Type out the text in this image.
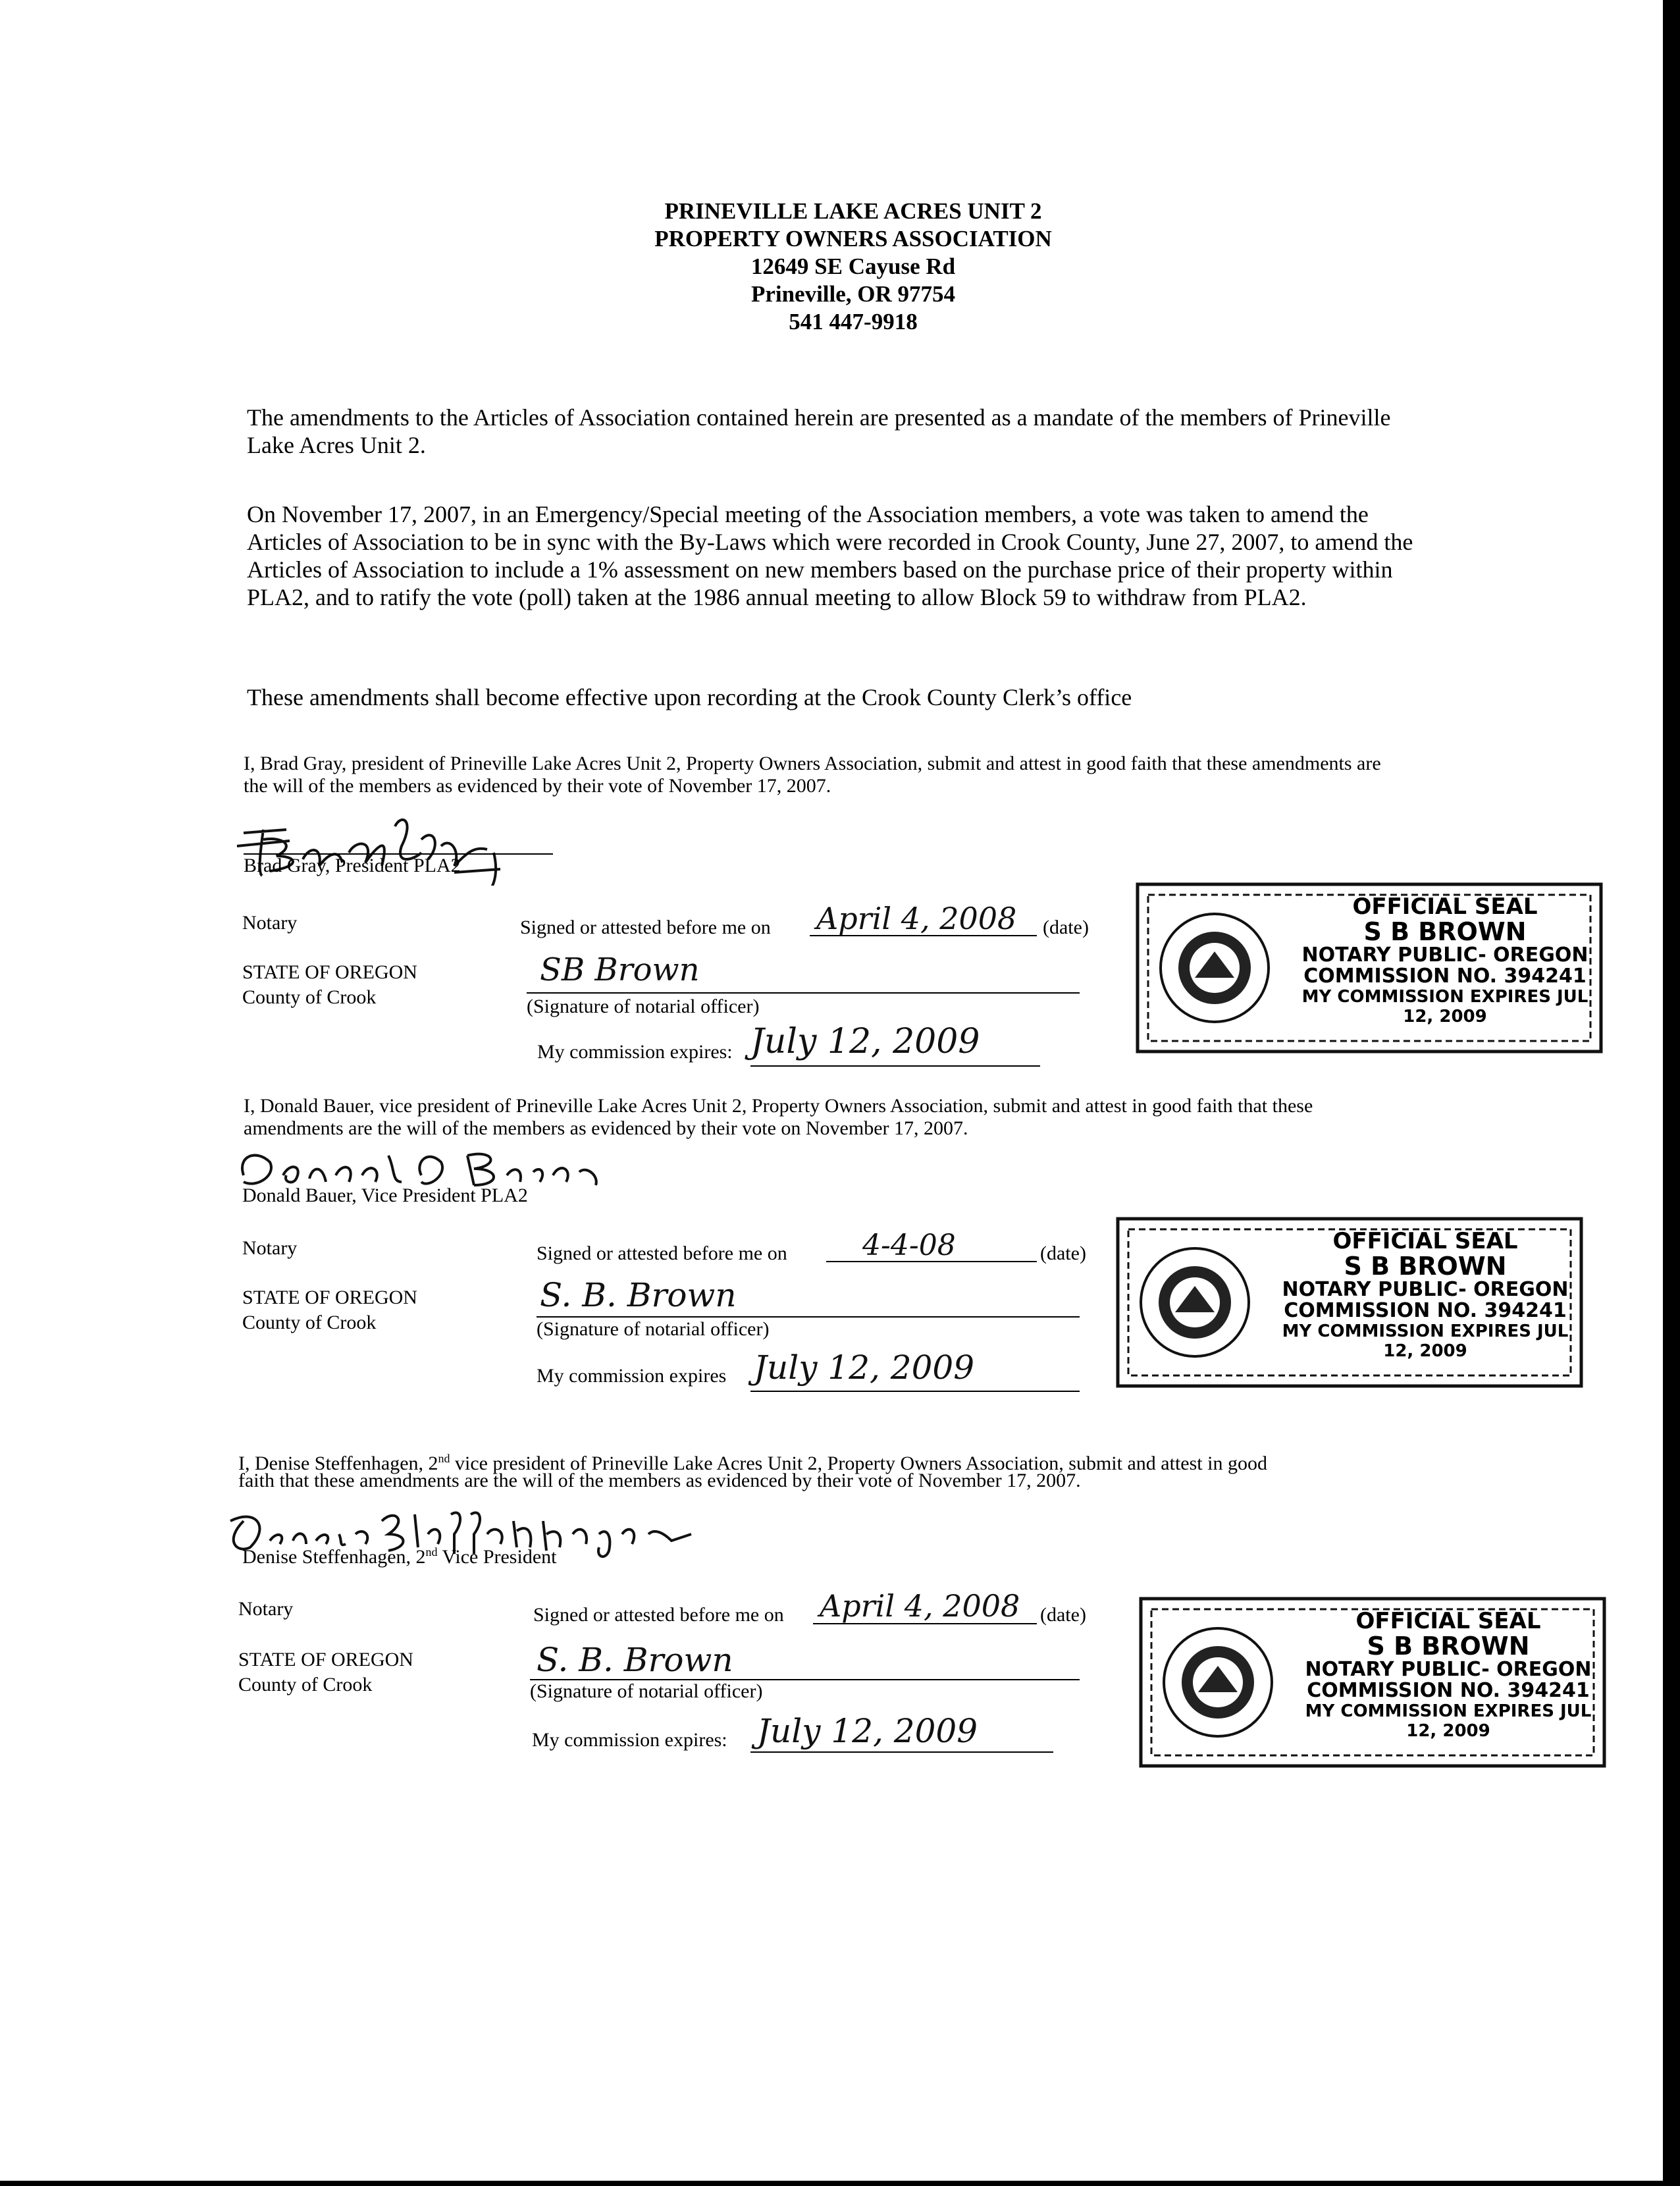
PRINEVILLE LAKE ACRES UNIT 2
PROPERTY OWNERS ASSOCIATION
12649 SE Cayuse Rd
Prineville, OR 97754
541 447-9918
The amendments to the Articles of Association contained herein are presented as a mandate of the members of Prineville Lake Acres Unit 2.
On November 17, 2007, in an Emergency/Special meeting of the Association members, a vote was taken to amend the Articles of Association to be in sync with the By-Laws which were recorded in Crook County, June 27, 2007, to amend the Articles of Association to include a 1% assessment on new members based on the purchase price of their property within PLA2, and to ratify the vote (poll) taken at the 1986 annual meeting to allow Block 59 to withdraw from PLA2.
These amendments shall become effective upon recording at the Crook County Clerk’s office
I, Brad Gray, president of Prineville Lake Acres Unit 2, Property Owners Association, submit and attest in good faith that these amendments are the will of the members as evidenced by their vote of November 17, 2007.
Brad Gray, President PLA2
Notary
STATE OF OREGON
County of Crook
Signed or attested before me on April 4, 2008 (date)
SB Brown
(Signature of notarial officer)
My commission expires: July 12, 2009
OFFICIAL SEAL
S B BROWN
NOTARY PUBLIC- OREGON
COMMISSION NO. 394241
MY COMMISSION EXPIRES JUL 12, 2009
I, Donald Bauer, vice president of Prineville Lake Acres Unit 2, Property Owners Association, submit and attest in good faith that these amendments are the will of the members as evidenced by their vote on November 17, 2007.
Donald Bauer, Vice President PLA2
Notary
STATE OF OREGON
County of Crook
Signed or attested before me on	4-4-08	(date)
S. B. Brown
(Signature of notarial officer)
My commission expires July 12, 2009
OFFICIAL SEAL
S B BROWN
NOTARY PUBLIC- OREGON
COMMISSION NO. 394241
MY COMMISSION EXPIRES JUL 12, 2009
I, Denise Steffenhagen, 2nd vice president of Prineville Lake Acres Unit 2, Property Owners Association, submit and attest in good
faith that these amendments are the will of the members as evidenced by their vote of November 17, 2007.
Denise Steffenhagen, 2nd Vice President
Notary
STATE OF OREGON
County of Crook
Signed or attested before me on April 4, 2008 (date)
S. B. Brown
(Signature of notarial officer)
My commission expires: July 12, 2009
OFFICIAL SEAL
S B BROWN
NOTARY PUBLIC- OREGON
COMMISSION NO. 394241
MY COMMISSION EXPIRES JUL 12, 2009
